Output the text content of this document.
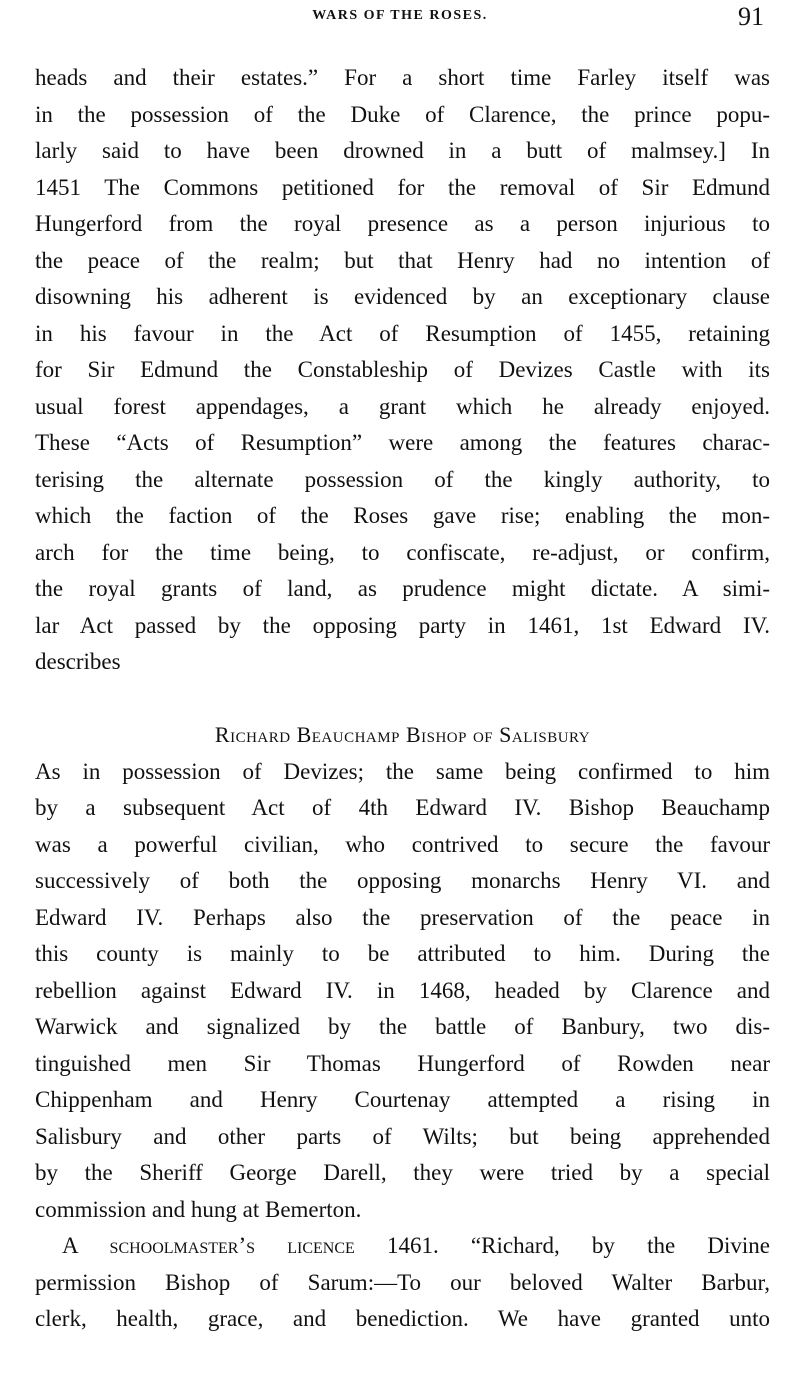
WARS OF THE ROSES.	91
heads and their estates.” For a short time Farley itself was
in the possession of the Duke of Clarence, the prince popu-
larly said to have been drowned in a butt of malmsey.] In
1451 The Commons petitioned for the removal of Sir Edmund
Hungerford from the royal presence as a person injurious to
the peace of the realm; but that Henry had no intention of
disowning his adherent is evidenced by an exceptionary clause
in his favour in the Act of Resumption of 1455, retaining
for Sir Edmund the Constableship of Devizes Castle with its
usual forest appendages, a grant which he already enjoyed.
These “Acts of Resumption” were among the features charac-
terising the alternate possession of the kingly authority, to
which the faction of the Roses gave rise; enabling the mon-
arch for the time being, to confiscate, re-adjust, or confirm,
the royal grants of land, as prudence might dictate. A simi-
lar Act passed by the opposing party in 1461, 1st Edward IV.
describes
Richard Beauchamp Bishop of Salisbury
As in possession of Devizes; the same being confirmed to him
by a subsequent Act of 4th Edward IV. Bishop Beauchamp
was a powerful civilian, who contrived to secure the favour
successively of both the opposing monarchs Henry VI. and
Edward IV. Perhaps also the preservation of the peace in
this county is mainly to be attributed to him. During the
rebellion against Edward IV. in 1468, headed by Clarence and
Warwick and signalized by the battle of Banbury, two dis-
tinguished men Sir Thomas Hungerford of Rowden near
Chippenham and Henry Courtenay attempted a rising in
Salisbury and other parts of Wilts; but being apprehended
by the Sheriff George Darell, they were tried by a special
commission and hung at Bemerton.
A schoolmaster’s licence 1461. “Richard, by the Divine
permission Bishop of Sarum:—To our beloved Walter Barbur,
clerk, health, grace, and benediction. We have granted unto
